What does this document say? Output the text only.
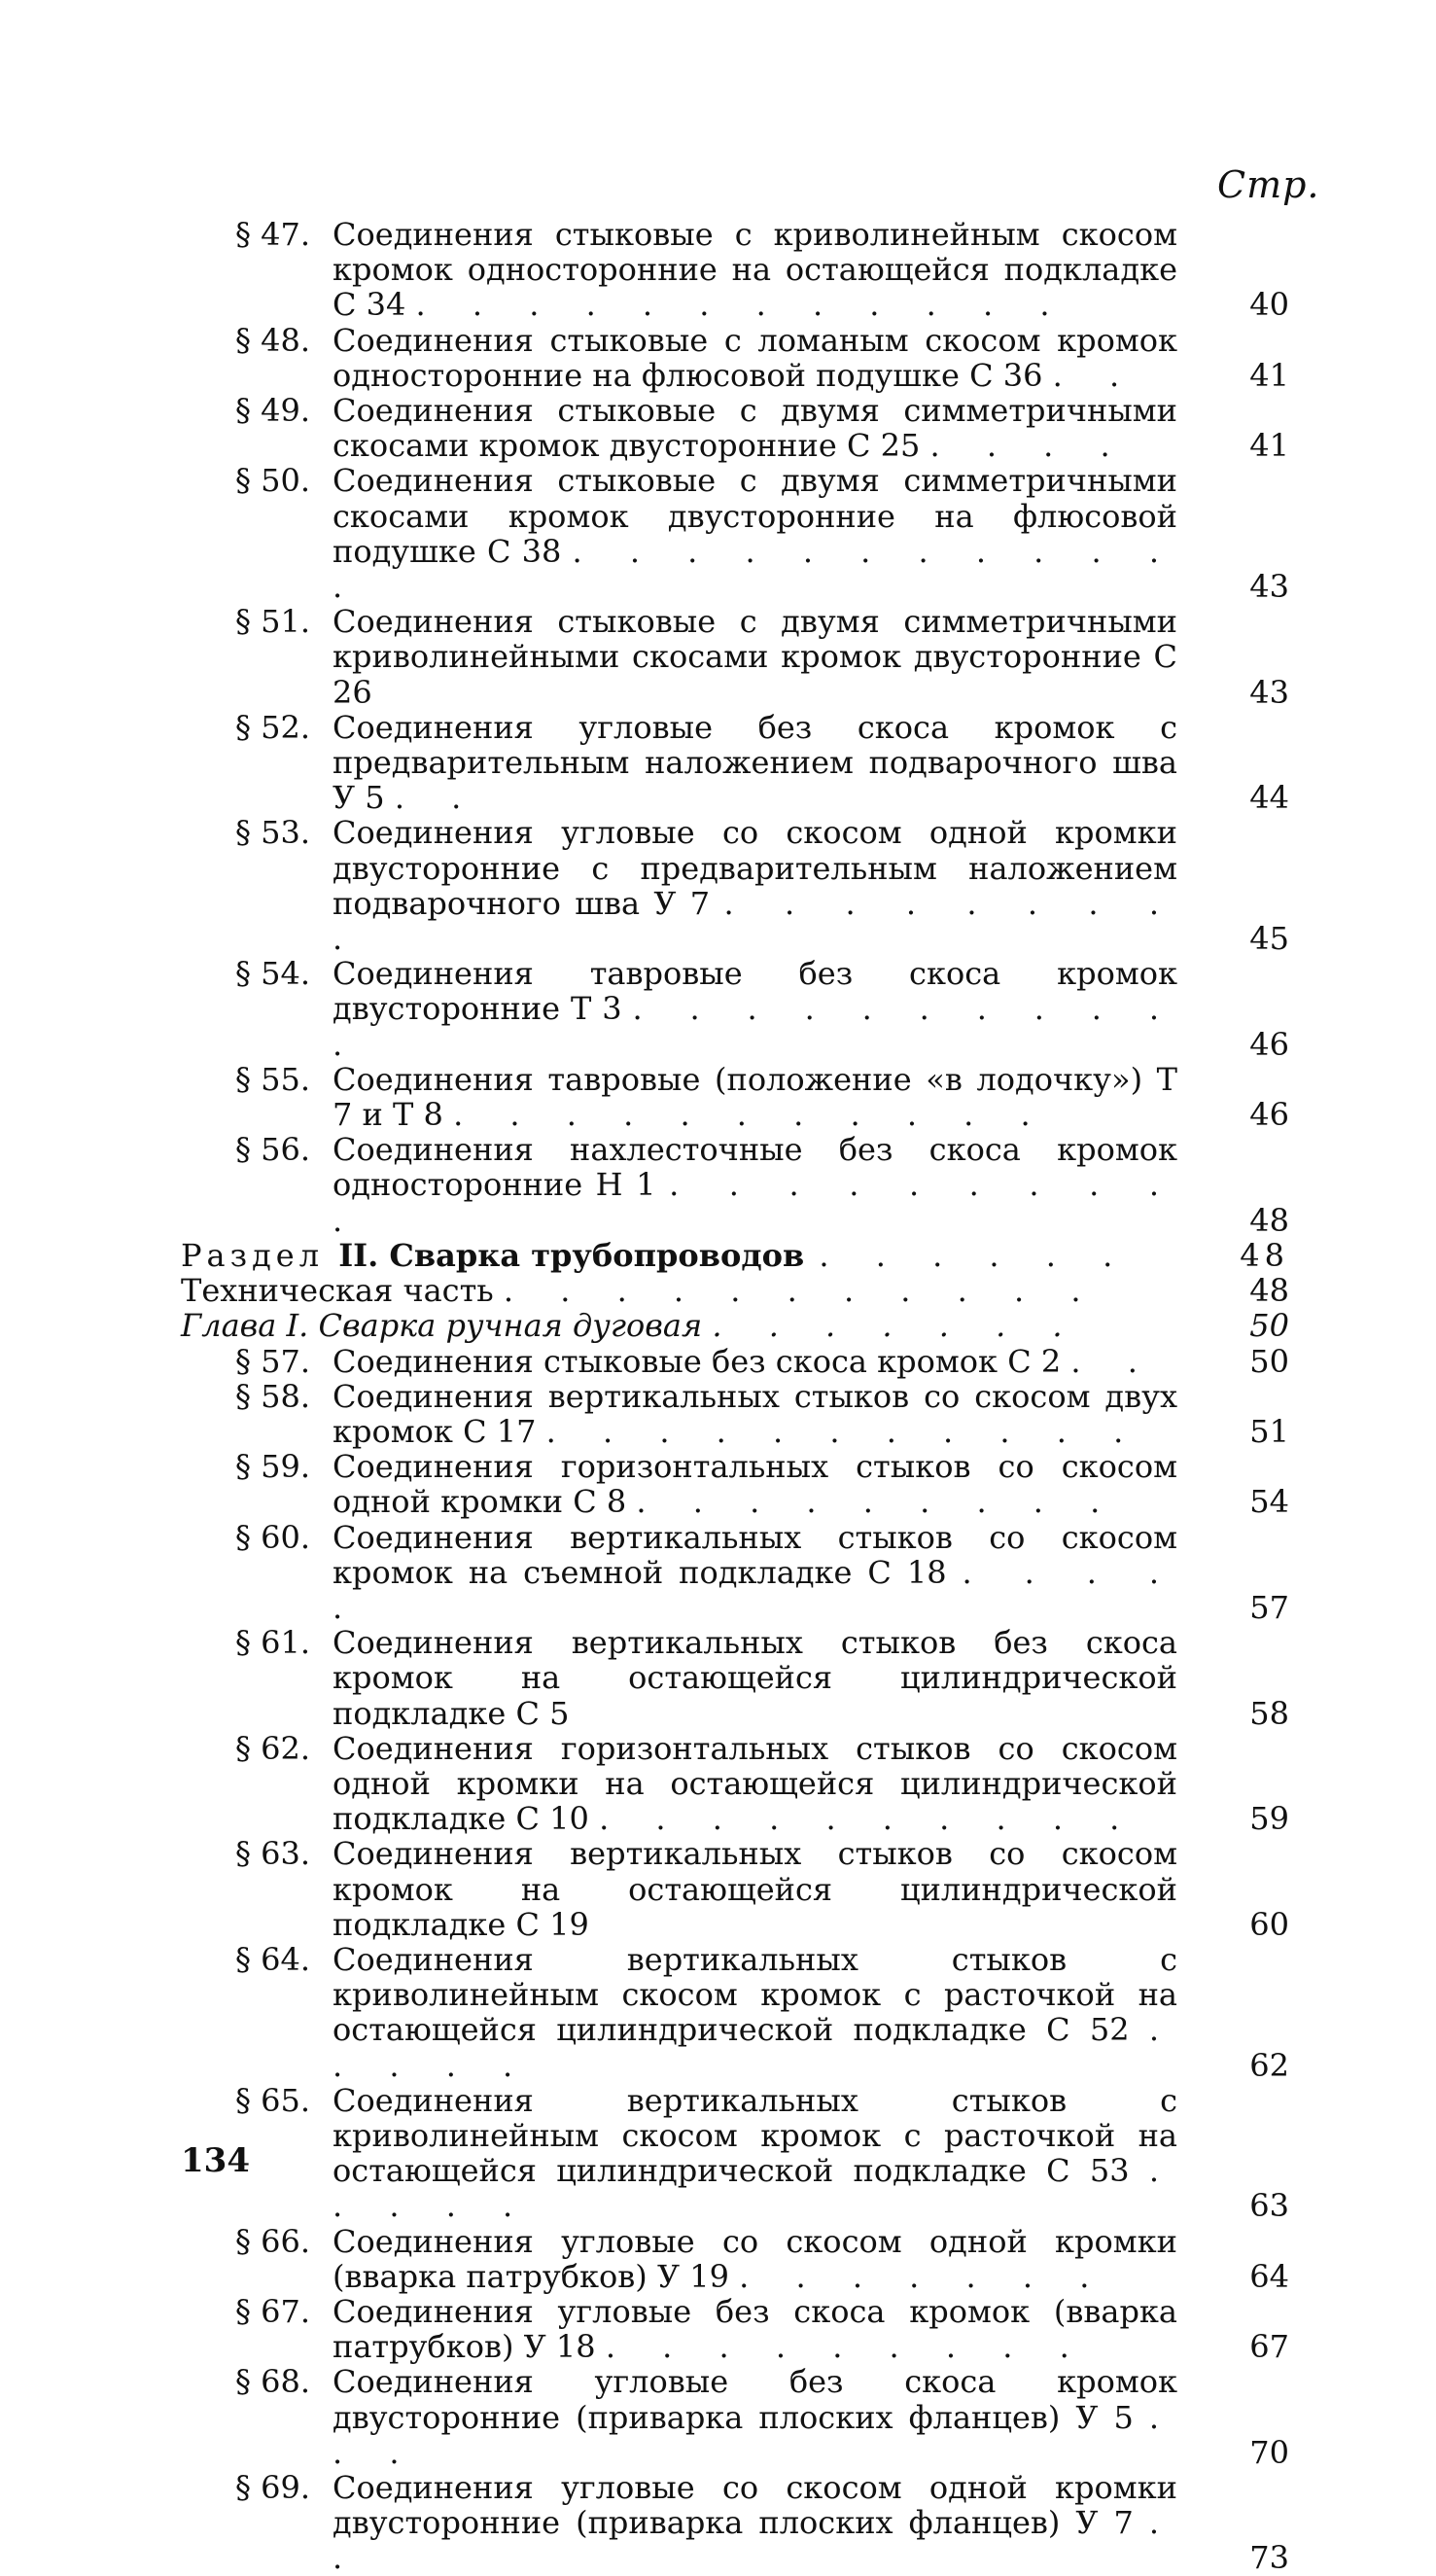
Стр.
§ 47. Соединения стыковые с криволинейным скосом кромок односторонние на остающейся подкладке С 34 . . . . . . . . . . . .	40
§ 48. Соединения стыковые с ломаным скосом кромок односторонние на флюсовой подушке С 36 . .	41
§ 49. Соединения стыковые с двумя симметричными скосами кромок двусторонние С 25 . . . .	41
§ 50. Соединения стыковые с двумя симметричными скосами кромок двусторонние на флюсовой подушке С 38 . . . . . . . . . . . .	43
§ 51. Соединения стыковые с двумя симметричными криволинейными скосами кромок двусторонние С 26	43
§ 52. Соединения угловые без скоса кромок с предварительным наложением подварочного шва У 5 . .	44
§ 53. Соединения угловые со скосом одной кромки двусторонние с предварительным наложением подварочного шва У 7 . . . . . . . . .	45
§ 54. Соединения тавровые без скоса кромок двусторонние Т 3 . . . . . . . . . . .	46
§ 55. Соединения тавровые (положение «в лодочку») Т 7 и Т 8 . . . . . . . . . . .	46
§ 56. Соединения нахлесточные без скоса кромок односторонние Н 1 . . . . . . . . . .	48
Раздел II. Сварка трубопроводов . . . . . .	48
Техническая часть . . . . . . . . . . .	48
Глава I. Сварка ручная дуговая . . . . . . .	50
§ 57. Соединения стыковые без скоса кромок С 2 . .	50
§ 58. Соединения вертикальных стыков со скосом двух кромок С 17 . . . . . . . . . . .	51
§ 59. Соединения горизонтальных стыков со скосом одной кромки С 8 . . . . . . . . .	54
§ 60. Соединения вертикальных стыков со скосом кромок на съемной подкладке С 18 . . . . .	57
§ 61. Соединения вертикальных стыков без скоса кромок на остающейся цилиндрической подкладке С 5	58
§ 62. Соединения горизонтальных стыков со скосом одной кромки на остающейся цилиндрической подкладке С 10 . . . . . . . . . .	59
§ 63. Соединения вертикальных стыков со скосом кромок на остающейся цилиндрической подкладке С 19	60
§ 64. Соединения вертикальных стыков с криволинейным скосом кромок с расточкой на остающейся цилиндрической подкладке С 52 . . . . .	62
§ 65. Соединения вертикальных стыков с криволинейным скосом кромок с расточкой на остающейся цилиндрической подкладке С 53 . . . . .	63
§ 66. Соединения угловые со скосом одной кромки (вварка патрубков) У 19 . . . . . . .	64
§ 67. Соединения угловые без скоса кромок (вварка патрубков) У 18 . . . . . . . . .	67
§ 68. Соединения угловые без скоса кромок двусторонние (приварка плоских фланцев) У 5 . . .	70
§ 69. Соединения угловые со скосом одной кромки двусторонние (приварка плоских фланцев) У 7 . .	73
134
